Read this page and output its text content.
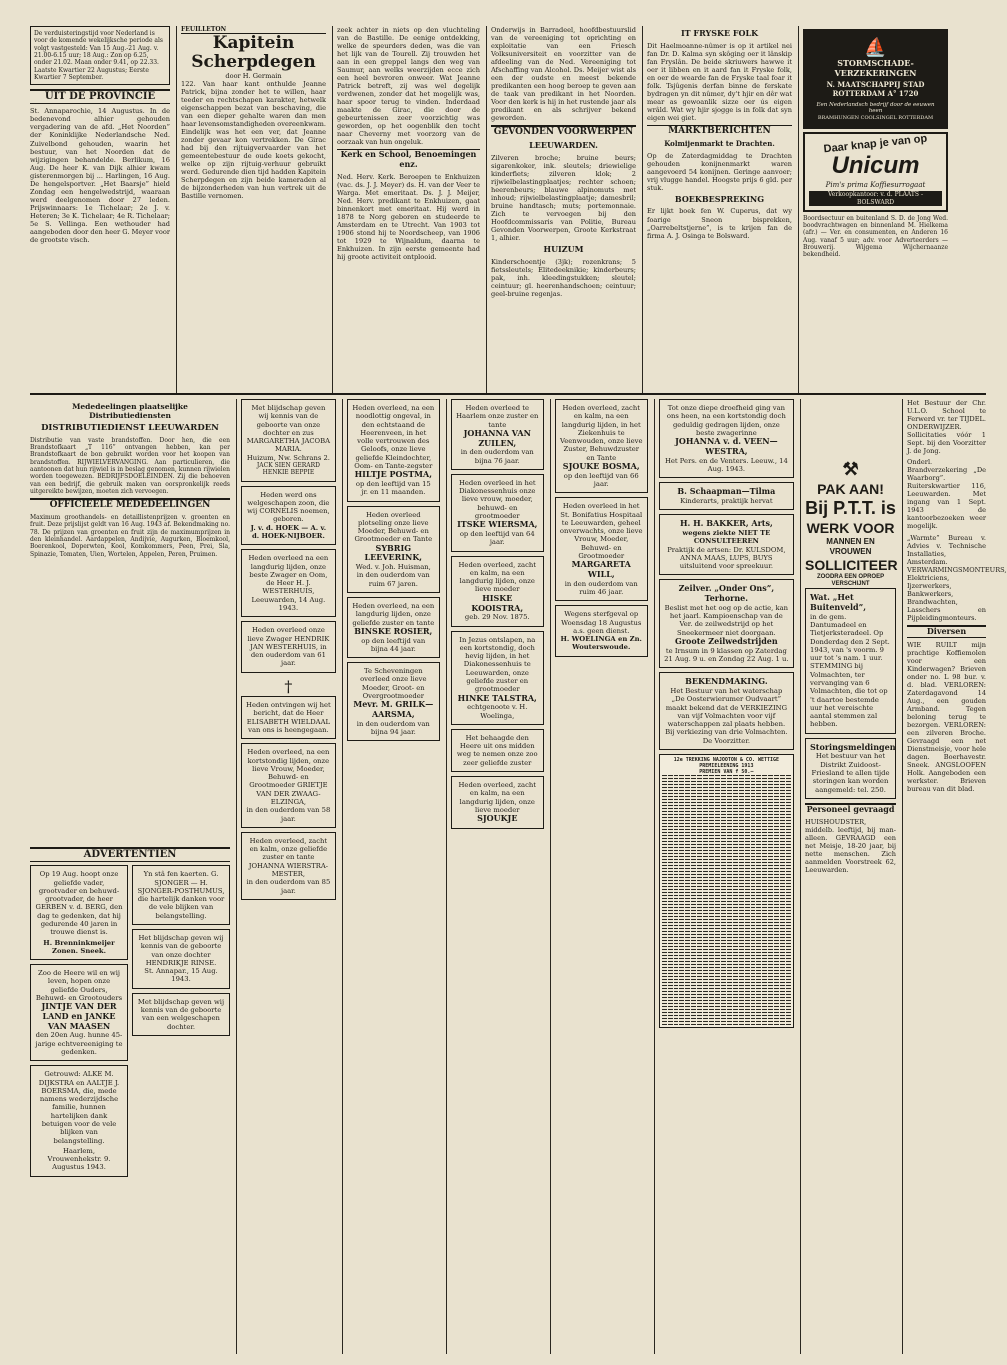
De verduisteringstijd voor Nederland is voor de komende wekelijksche periode als volgt vastgesteld: Van 15 Aug.-21 Aug. v. 21.00-6.15 uur; 18 Aug.: Zon op 6.25, onder 21.02. Maan onder 9.41, op 22.33. Laatste Kwartier 22 Augustus; Eerste Kwartier 7 September.
UIT DE PROVINCIE

St. Annaparochie, 14 Augustus. In de bedenevond alhier gehouden vergadering van de afd. „Het Noorden” der Koninklijke Nederlandsche Ned. Zuivelbond gehouden, waarin het bestuur, van het Noorden dat de wijzigingen behandelde. Berlikum, 16 Aug. De heer K. van Dijk alhier kwam gisterenmorgen bij ... Harlingen, 16 Aug. De hengelsportver. „Het Baarsje” hield Zondag een hengelwedstrijd, waaraan werd deelgenomen door 27 leden. Prijswinnaars: 1e Tichelaar; 2e J. v. Heteren; 3e K. Tichelaar; 4e R. Tichelaar; 5e S. Vellinga. Een wethouder had aangeboden door den heer G. Meyer voor de grootste visch.

FEUILLETON
Kapitein Scherpdegen
door H. Germain

122. Van haar kant onthulde Jeanne Patrick, bijna zonder het te willen, haar teeder en rechtschapen karakter, hetwelk eigenschappen bezat van beschaving, die van een dieper gehalte waren dan men haar levensomstandigheden overeenkwam. Eindelijk was het een ver, dat Jeanne zonder gevaar kon vertrekken. De Girac had bij den rijtuigvervaarder van het gemeentebestuur de oude koets gekocht, welke op zijn rijtuig-verhuur gebruikt werd. Gedurende dien tijd hadden Kapitein Scherpdegen en zijn beide kameraden al de bijzonderheden van hun vertrek uit de Bastille vernomen.

zeek achter in niets op den vluchteling van de Bastille. De eenige ontdekking, welke de speurders deden, was die van het lijk van de Tourell. Zij trouwden het aan in een greppel langs den weg van Saumur, aan welks weerzijden ecce zich een heel bevroren onweer. Wat Jeanne Patrick betreft, zij was wel degelijk verdwenen, zonder dat het mogelijk was, haar spoor terug te vinden. Inderdaad maakte de Girac, die door de gebeurtenissen zeer voorzichtig was geworden, op het oogenblik den tocht naar Cheverny met voorzorg van de oorzaak van hun ongeluk.

Kerk en School, Benoemingen enz.

Ned. Herv. Kerk. Beroepen te Enkhuizen (vac. ds. J. J. Meyer) ds. H. van der Veer te Warga. Met emeritaat. Ds. J. J. Meijer, Ned. Herv. predikant te Enkhuizen, gaat binnenkort met emeritaat. Hij werd in 1878 te Norg geboren en studeerde te Amsterdam en te Utrecht. Van 1903 tot 1906 stond hij te Noordscheep, van 1906 tot 1929 te Wijnaldum, daarna te Enkhuizen. In zijn eerste gemeente had hij groote activiteit ontplooid.

Onderwijs in Barradeel, hoofdbestuurslid van de vereeniging tot oprichting en exploitatie van een Friesch Volksuniversiteit en voorzitter van de afdeeling van de Ned. Vereeniging tot Afschaffing van Alcohol. Ds. Meijer wist als een der oudste en meest bekende predikanten een hoog beroep te geven aan de taak van predikant in het Noorden. Voor den kerk is hij in het rustende jaar als predikant en als schrijver bekend geworden.

GEVONDEN VOORWERPEN
LEEUWARDEN.

Zilveren broche; bruine beurs; sigarenkoker, ink. sleutels; driewielige kinderfiets; zilveren klok; 2 rijwielbelastingplaatjes; rechter schoen; heerenbeurs; blauwe alpinomuts met inhoud; rijwielbelastingplaatje; damesbril; bruine handtasch; muts; portemonnaie. Zich te vervoegen bij den Hoofdcommissaris van Politie, Bureau Gevonden Voorwerpen, Groote Kerkstraat 1, alhier.

HUIZUM

Kinderschoentje (3jk); rozenkrans; 5 fietssleutels; Elitedeeknikie; kinderbeurs; pak, inh. kleedingstukken; sleutel; ceintuur; gl. heerenhandschoen; ceintuur; geel-bruine regenjas.

IT FRYSKE FOLK

Dit Haelmoanne-nûmer is op it artikel nei fan Dr. D. Kalma syn skôging oer it lânskip fan Fryslân. De beide skriuwers hawwe it oer it libben en it aard fan it Fryske folk, en oer de wearde fan de Fryske taal foar it folk. Tsjûgenis derfan binne de ferskate bydragen yn dit nûmer, dy't hjir en dêr wat mear as gewoanlik sizze oer ús eigen wrâld. Wat wy hjir sjogge is in folk dat syn eigen wei giet.

MARKTBERICHTEN
Kolmijenmarkt te Drachten.

Op de Zaterdagmiddag te Drachten gehouden konijnenmarkt waren aangevoerd 54 konijnen. Geringe aanvoer; vrij vlugge handel. Hoogste prijs 6 gld. per stuk.

BOEKBESPREKING

Er lijkt boek fen W. Cuperus, dat wy foarige Sneon bisprekken, „Oarrebeltstjerne”, is te krijen fan de firma A. J. Osinga te Bolsward.

⛵
STORMSCHADE-VERZEKERINGEN
N. MAATSCHAPPIJ STAD ROTTERDAM A° 1720
Een Nederlandsch bedrijf door de eeuwen heen
BRAMHUNGEN COOLSINGEL ROTTERDAM
Daar knap je van op
Unicum
Pim's prima Koffiesurrogaat
Verkoopkantoor: v. d. PLAATS - BOLSWARD

Boordsectuur en buitenland S. D. de Jong Wed. boodvrachtwagen en binnenland M. Hielkema (afr.) — Ver. en consumenten, en Anderen 16 Aug. vanaf 5 uur; adv. voor Adverteerders — Brouwerij. Wijgema Wijchernaanze bekendheid.

Mededeelingen plaatselijke Distributiediensten
DISTRIBUTIEDIENST LEEUWARDEN

Distributie van vaste brandstoffen. Door hen, die een Brandstofkaart „T 116” ontvangen hebben, kan per Brandstofkaart de bon gebruikt worden voor het koopen van brandstoffen. RIJWIELVERVANGING. Aan particulieren, die aantoonen dat hun rijwiel is in beslag genomen, kunnen rijwielen worden toegewezen. BEDRIJFSDOELEINDEN. Zij die behoeven van een bedrijf, die gebruik maken van oorspronkelijk reeds uitgereikte bewijzen, moeten zich vervoegen.

OFFICIEELE MEDEDEELINGEN

Maximum groothandels- en detaillistenprijzen v. groenten en fruit. Deze prijslijst geldt van 16 Aug. 1943 af. Bekendmaking no. 78. De prijzen van groenten en fruit zijn de maximumprijzen in den kleinhandel. Aardappelen, Andijvie, Augurken, Bloemkool, Boerenkool, Doperwten, Kool, Komkommers, Peen, Prei, Sla, Spinazie, Tomaten, Uien, Wortelen, Appelen, Peren, Pruimen.

ADVERTENTIEN
Op 19 Aug. hoopt onze geliefde vader, grootvader en behuwd-grootvader, de heer GERBEN v. d. BERG, den dag te gedenken, dat hij gedurende 40 jaren in trouwe dienst is.
H. Brenninkmeijer Zonen. Sneek.
Zoo de Heere wil en wij leven, hopen onze geliefde Ouders, Behuwd- en Grootouders
JINTJE VAN DER LAND en JANKE VAN MAASEN
den 20en Aug. hunne 45-jarige echtvereeniging te gedenken.
Getrouwd: ALKE M. DIJKSTRA en AALTJE J. BOERSMA, die, mede namens wederzijdsche familie, hunnen hartelijken dank betuigen voor de vele blijken van belangstelling.
Haarlem, Vrouwenhekstr. 9. Augustus 1943.
Yn stâ fen kaerten. G. SJONGER — H. SJONGER-POSTHUMUS, die hartelijk danken voor de vele blijken van belangstelling.
Het blijdschap geven wij kennis van de geboorte van onze dochter HENDRIKJE RINSE.
St. Annapar., 15 Aug. 1943.
Met blijdschap geven wij kennis van de geboorte van een welgeschapen dochter.
Met blijdschap geven wij kennis van de geboorte van onze dochter en zus MARGARETHA JACOBA MARIA.
Huizum, Nw. Schrans 2.
JACK SIEN GERARD HENKIE BEPPIE
Heden werd ons welgeschapen zoon, die wij CORNELIS noemen, geboren.
J. v. d. HOEK — A. v. d. HOEK-NIJBOER.
Heden overleed na een langdurig lijden, onze beste Zwager en Oom, de Heer H. J. WESTERHUIS,
Leeuwarden, 14 Aug. 1943.
Heden overleed onze lieve Zwager HENDRIK JAN WESTERHUIS, in den ouderdom van 61 jaar.
†
Heden ontvingen wij het bericht, dat de Heer ELISABETH WIELDAAL van ons is heengegaan.
Heden overleed, na een kortstondig lijden, onze lieve Vrouw, Moeder, Behuwd- en Grootmoeder GRIETJE VAN DER ZWAAG-ELZINGA,
in den ouderdom van 58 jaar.
Heden overleed, zacht en kalm, onze geliefde zuster en tante JOHANNA WIERSTRA-MESTER,
in den ouderdom van 85 jaar.
Heden overleed, na een noodlottig ongeval, in den echtstaand de Heerenveen, in het volle vertrouwen des Geloofs, onze lieve geliefde Kleindochter, Oom- en Tante-zegster
HILTJE POSTMA,
op den leeftijd van 15 jr. en 11 maanden.
Heden overleed plotseling onze lieve Moeder, Behuwd- en Grootmoeder en Tante
SYBRIG LEEVERINK,
Wed. v. Joh. Huisman, in den ouderdom van ruim 67 jaren.
Heden overleed, na een langdurig lijden, onze geliefde zuster en tante
BINSKE ROSIER,
op den leeftijd van bijna 44 jaar.
Te Scheveningen overleed onze lieve Moeder, Groot- en Overgrootmoeder
Mevr. M. GRILK—AARSMA,
in den ouderdom van bijna 94 jaar.
Heden overleed te Haarlem onze zuster en tante
JOHANNA VAN ZUILEN,
in den ouderdom van bijna 76 jaar.
Heden overleed in het Diakonessenhuis onze lieve vrouw, moeder, behuwd- en grootmoeder
ITSKE WIERSMA,
op den leeftijd van 64 jaar.
Heden overleed, zacht en kalm, na een langdurig lijden, onze lieve moeder
HISKE KOOISTRA,
geb. 29 Nov. 1875.
In Jezus ontslapen, na een kortstondig, doch hevig lijden, in het Diakonessenhuis te Leeuwarden, onze geliefde zuster en grootmoeder
HINKE TALSTRA,
echtgenoote v. H. Woelinga,
Het behaagde den Heere uit ons midden weg te nemen onze zoo zeer geliefde zuster
Heden overleed, zacht en kalm, na een langdurig lijden, onze lieve moeder
SJOUKJE
Heden overleed, zacht en kalm, na een langdurig lijden, in het Ziekenhuis te Veenwouden, onze lieve Zuster, Behuwdzuster en Tante
SJOUKE BOSMA,
op den leeftijd van 66 jaar.
Heden overleed in het St. Bonifatius Hospitaal te Leeuwarden, geheel onverwachts, onze lieve Vrouw, Moeder, Behuwd- en Grootmoeder
MARGARETA WILL,
in den ouderdom van ruim 46 jaar.
Wegens sterfgeval op Woensdag 18 Augustus a.s. geen dienst.
H. WOELINGA en Zn. Wouterswoude.
Tot onze diepe droefheid ging van ons heen, na een kortstondig doch geduldig gedragen lijden, onze beste zwagerinne
JOHANNA v. d. VEEN—WESTRA,
Het Pers. en de Venters. Leeuw., 14 Aug. 1943.
B. Schaapman—Tilma
Kinderarts, praktijk hervat
H. H. BAKKER, Arts,
wegens ziekte NIET TE CONSULTEEREN
Praktijk de artsen: Dr. KULSDOM, ANNA MAAS, LUPS, BUYS uitsluitend voor spreekuur.
Zeilver. „Onder Ons”, Terhorne.
Beslist met het oog op de actie, kan het jaarl. Kampioenschap van de Ver. de zeilwedstrijd op het Sneekermeer niet doorgaan.
Groote Zeilwedstrijden
te Irnsum in 9 klassen op Zaterdag 21 Aug. 9 u. en Zondag 22 Aug. 1 u.
BEKENDMAKING.
Het Bestuur van het waterschap „De Oosterwierumer Oudvaart” maakt bekend dat de VERKIEZING van vijf Volmachten voor vijf waterschappen zal plaats hebben. Bij verkiezing van drie Volmachten. De Voorzitter.
12e TREKKING NAJOOTON & CO. WETTIGE PREMIELEENING 1913
PREMIEN VAN f 50.—
⚒
PAK AAN!
Bij P.T.T. is
WERK VOOR
MANNEN EN VROUWEN
SOLLICITEER
ZOODRA EEN OPROEP VERSCHIJNT
Wat. „Het Buitenveld”,
in de gem. Dantumadeel en Tietjerksteradeel. Op Donderdag den 2 Sept. 1943, van 's voorm. 9 uur tot 's nam. 1 uur. STEMMING bij Volmachten, ter vervanging van 6 Volmachten, die tot op 't daartoe bestemde uur het vereischte aantal stemmen zal hebben.
Storingsmeldingen
Het bestuur van het Distrikt Zuidoost-Friesland te allen tijde storingen kan worden aangemeld: tel. 250.
Personeel gevraagd

HUISHOUDSTER, middelb. leeftijd, bij man-alleen. GEVRAAGD een net Meisje, 18-20 jaar, bij nette menschen. Zich aanmelden Voorstreek 62, Leeuwarden.

Het Bestuur der Chr. U.L.O. School te Ferwerd vr. ter TIJDEL. ONDERWIJZER. Sollicitaties vóór 1 Sept. bij den Voorzitter J. de Jong.

Onderl. Brandverzekering „De Waarborg”. Ruiterskwartier 116, Leeuwarden. Met ingang van 1 Sept. 1943 de kantoorbezoeken weer mogelijk.

„Warmte” Bureau v. Advies v. Technische Installaties, Amsterdam. VERWARMINGSMONTEURS, Elektriciens, Ijzerwerkers, Bankwerkers, Brandwachten, Lasschers en Pijpleidingmonteurs.

Diversen

WIE RUILT mijn prachtige Koffiemolen voor een Kinderwagen? Brieven onder no. L 98 bur. v. d. blad. VERLOREN: Zaterdagavond 14 Aug., een gouden Armband. Tegen beloning terug te bezorgen. VERLOREN: een zilveren Broche. Gevraagd een net Dienstmeisje, voor hele dagen. Boerhavestr. Sneek. ANGSLOOFEN Holk. Aangeboden een werkster. Brieven bureau van dit blad.
